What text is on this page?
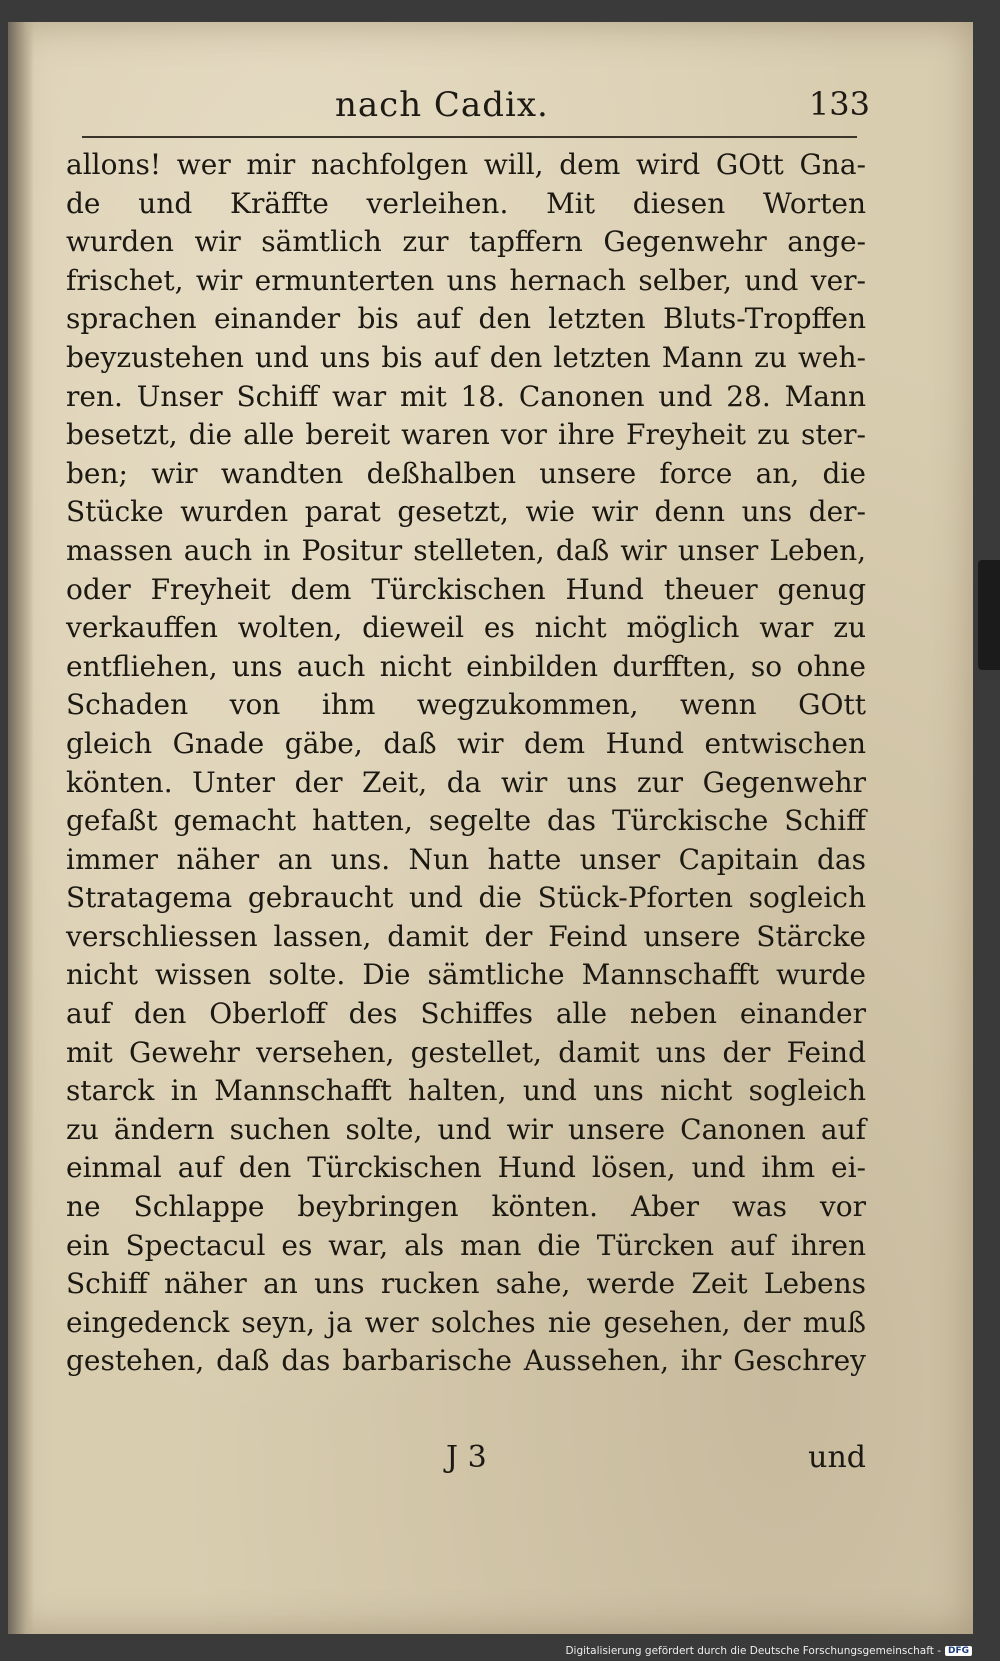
nach Cadix.	133
allons! wer mir nachfolgen will, dem wird GOtt Gna-
de und Kräffte verleihen. Mit diesen Worten
wurden wir sämtlich zur tapffern Gegenwehr ange-
frischet, wir ermunterten uns hernach selber, und ver-
sprachen einander bis auf den letzten Bluts-Tropffen
beyzustehen und uns bis auf den letzten Mann zu weh-
ren. Unser Schiff war mit 18. Canonen und 28. Mann
besetzt, die alle bereit waren vor ihre Freyheit zu ster-
ben; wir wandten deßhalben unsere force an, die
Stücke wurden parat gesetzt, wie wir denn uns der-
massen auch in Positur stelleten, daß wir unser Leben,
oder Freyheit dem Türckischen Hund theuer genug
verkauffen wolten, dieweil es nicht möglich war zu
entfliehen, uns auch nicht einbilden durfften, so ohne
Schaden von ihm wegzukommen, wenn GOtt
gleich Gnade gäbe, daß wir dem Hund entwischen
könten. Unter der Zeit, da wir uns zur Gegenwehr
gefaßt gemacht hatten, segelte das Türckische Schiff
immer näher an uns. Nun hatte unser Capitain das
Stratagema gebraucht und die Stück-Pforten sogleich
verschliessen lassen, damit der Feind unsere Stärcke
nicht wissen solte. Die sämtliche Mannschafft wurde
auf den Oberloff des Schiffes alle neben einander
mit Gewehr versehen, gestellet, damit uns der Feind
starck in Mannschafft halten, und uns nicht sogleich
zu ändern suchen solte, und wir unsere Canonen auf
einmal auf den Türckischen Hund lösen, und ihm ei-
ne Schlappe beybringen könten. Aber was vor
ein Spectacul es war, als man die Türcken auf ihren
Schiff näher an uns rucken sahe, werde Zeit Lebens
eingedenck seyn, ja wer solches nie gesehen, der muß
gestehen, daß das barbarische Aussehen, ihr Geschrey
J 3	und
Digitalisierung gefördert durch die Deutsche Forschungsgemeinschaft - DFG
